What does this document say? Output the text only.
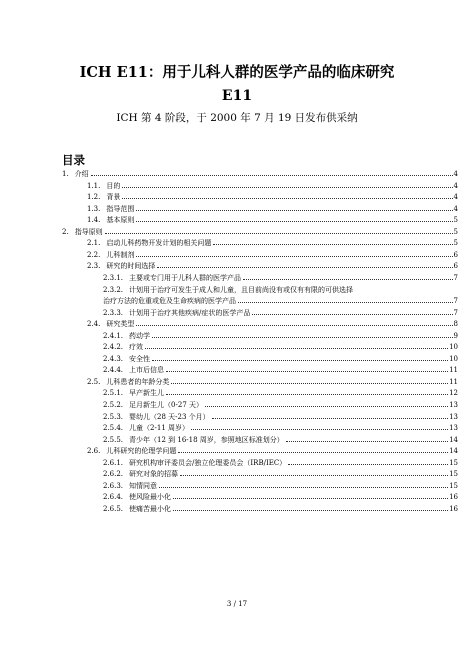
ICH E11：用于儿科人群的医学产品的临床研究
E11
ICH 第 4 阶段，于 2000 年 7 月 19 日发布供采纳
目录
1. 介绍	4
1.1. 目的	4
1.2. 背景	4
1.3. 指导范围	4
1.4. 基本原则	5
2. 指导原则	5
2.1. 启动儿科药物开发计划的相关问题	5
2.2. 儿科制剂	6
2.3. 研究的时间选择	6
2.3.1. 主要或专门用于儿科人群的医学产品	7
2.3.2. 计划用于治疗可发生于成人和儿童，且目前尚没有或仅有有限的可供选择
治疗方法的危重或危及生命疾病的医学产品	7
2.3.3. 计划用于治疗其他疾病/症状的医学产品	7
2.4. 研究类型	8
2.4.1. 药动学	9
2.4.2. 疗效	10
2.4.3. 安全性	10
2.4.4. 上市后信息	11
2.5. 儿科患者的年龄分类	11
2.5.1. 早产新生儿	12
2.5.2. 足月新生儿（0-27 天）	13
2.5.3. 婴幼儿（28 天-23 个月）	13
2.5.4. 儿童（2-11 周岁）	13
2.5.5. 青少年（12 到 16-18 周岁，参照地区标准划分）	14
2.6. 儿科研究的伦理学问题	14
2.6.1. 研究机构审评委员会/独立伦理委员会（IRB/IEC）	15
2.6.2. 研究对象的招募	15
2.6.3. 知情同意	15
2.6.4. 使风险最小化	16
2.6.5. 使痛苦最小化	16
3 / 17
